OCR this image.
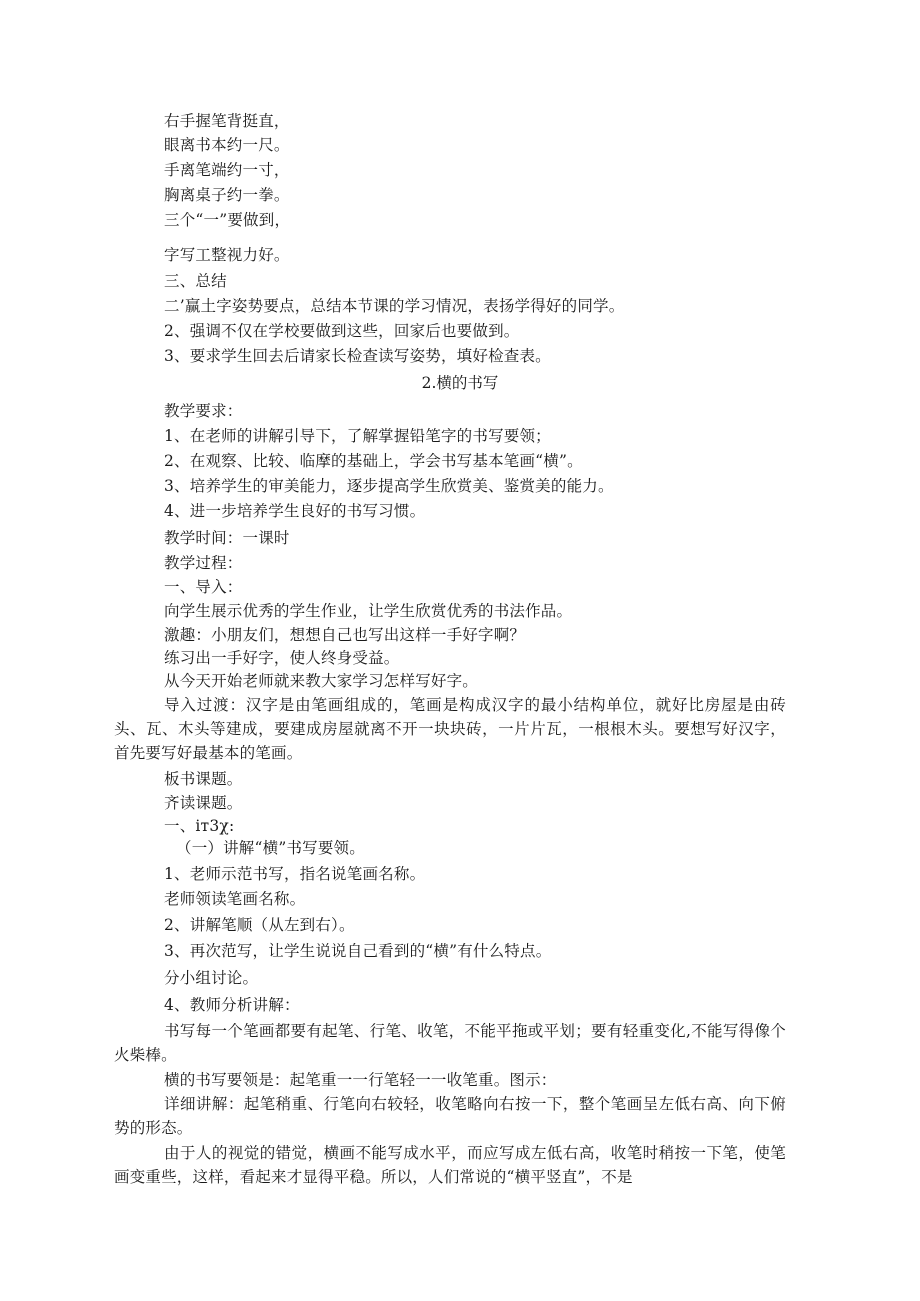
右手握笔背挺直，
眼离书本约一尺。
手离笔端约一寸，
胸离桌子约一拳。
三个“一”要做到，
字写工整视力好。
三、总结
二’赢土字姿势要点，总结本节课的学习情况，表扬学得好的同学。
2、强调不仅在学校要做到这些，回家后也要做到。
3、要求学生回去后请家长检查读写姿势，填好检查表。
2.横的书写
教学要求：
1、在老师的讲解引导下，了解掌握铅笔字的书写要领；
2、在观察、比较、临摩的基础上，学会书写基本笔画“横”。
3、培养学生的审美能力，逐步提高学生欣赏美、鉴赏美的能力。
4、进一步培养学生良好的书写习惯。
教学时间：一课时
教学过程：
一、导入：
向学生展示优秀的学生作业，让学生欣赏优秀的书法作品。
激趣：小朋友们，想想自己也写出这样一手好字啊？
练习出一手好字，使人终身受益。
从今天开始老师就来教大家学习怎样写好字。
导入过渡：汉字是由笔画组成的，笔画是构成汉字的最小结构单位，就好比房屋是由砖头、瓦、木头等建成，要建成房屋就离不开一块块砖，一片片瓦，一根根木头。要想写好汉字，首先要写好最基本的笔画。
板书课题。
齐读课题。
一、iт3χ:
（一）讲解“横”书写要领。
1、老师示范书写，指名说笔画名称。
老师领读笔画名称。
2、讲解笔顺（从左到右）。
3、再次范写，让学生说说自己看到的“横”有什么特点。
分小组讨论。
4、教师分析讲解：
书写每一个笔画都要有起笔、行笔、收笔，不能平拖或平划；要有轻重变化,不能写得像个火柴棒。
横的书写要领是：起笔重一一行笔轻一一收笔重。图示：
详细讲解：起笔稍重、行笔向右较轻，收笔略向右按一下，整个笔画呈左低右高、向下俯势的形态。
由于人的视觉的错觉，横画不能写成水平，而应写成左低右高，收笔时稍按一下笔，使笔画变重些，这样，看起来才显得平稳。所以，人们常说的“横平竖直”，不是
